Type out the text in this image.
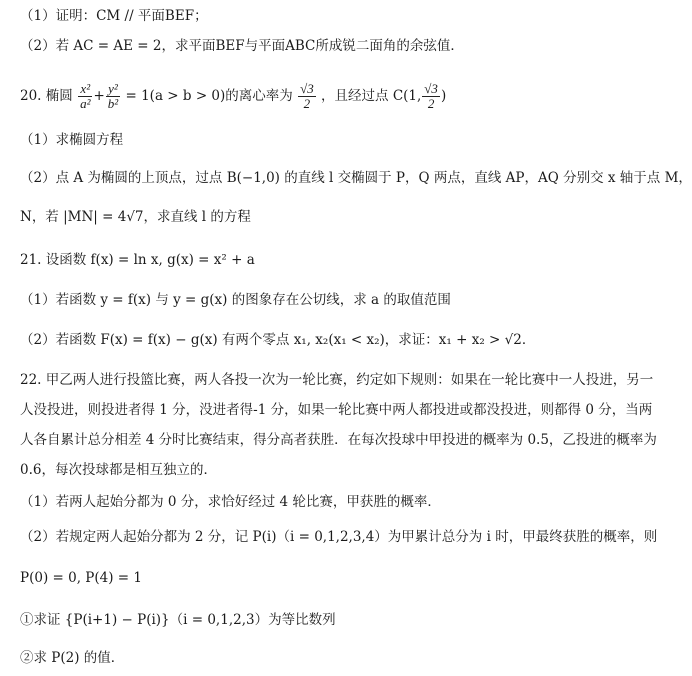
（1）证明：CM // 平面BEF；
（2）若 AC = AE = 2，求平面BEF与平面ABC所成锐二面角的余弦值．
20. 椭圆 $\frac{\text{x²}}{\text{a²}} + \frac{\text{y²}}{\text{b²}} = 1(a > b > 0)$的离心率为 $\frac{√3}{2}$ ，且经过点 C(1, $\frac{√3}{2}$ )
（1）求椭圆方程
（2）点 A 为椭圆的上顶点，过点 B(−1,0) 的直线 l 交椭圆于 P，Q 两点，直线 AP，AQ 分别交 x 轴于点 M，
N，若 |MN| = 4√7，求直线 l 的方程
21. 设函数 f(x) = ln x, g(x) = x² + a
（1）若函数 y = f(x) 与 y = g(x) 的图象存在公切线，求 a 的取值范围
（2）若函数 F(x) = f(x) − g(x) 有两个零点 x₁, x₂(x₁ < x₂)，求证：x₁ + x₂ > √2．
22. 甲乙两人进行投篮比赛，两人各投一次为一轮比赛，约定如下规则：如果在一轮比赛中一人投进，另一
人没投进，则投进者得 1 分，没进者得-1 分，如果一轮比赛中两人都投进或都没投进，则都得 0 分，当两
人各自累计总分相差 4 分时比赛结束，得分高者获胜．在每次投球中甲投进的概率为 0.5，乙投进的概率为
0.6，每次投球都是相互独立的．
（1）若两人起始分都为 0 分，求恰好经过 4 轮比赛，甲获胜的概率．
（2）若规定两人起始分都为 2 分，记 P(i)（i = 0,1,2,3,4）为甲累计总分为 i 时，甲最终获胜的概率，则
P(0) = 0, P(4) = 1
①求证 {P(i+1) − P(i)}（i = 0,1,2,3）为等比数列
②求 P(2) 的值．
